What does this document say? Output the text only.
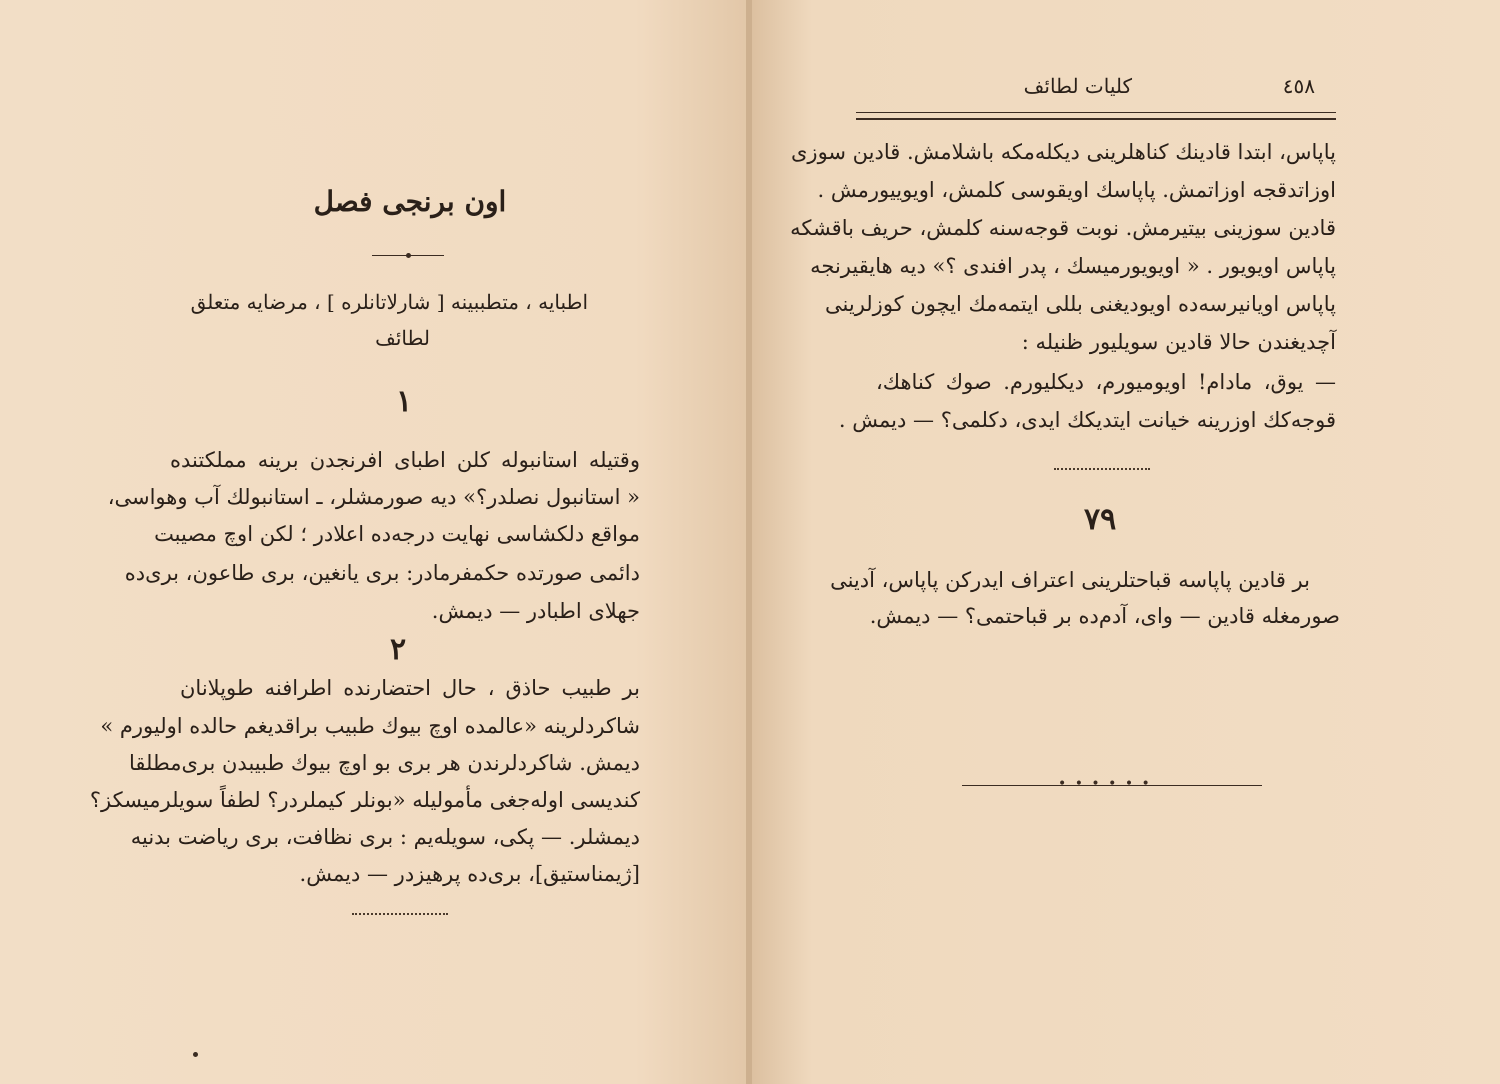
اون برنجی فصل
اطبایه ، متطببینه [ شارلاتانلره ] ، مرضایه متعلق
لطائف
١
وقتیله استانبوله کلن اطبای افرنجدن برینه مملکتنده
« استانبول نصلدر؟» دیه صورمشلر، ـ استانبولك آب وهواسی،
مواقع دلکشاسی نهایت درجه‌ده اعلادر ؛ لکن اوچ مصیبت
دائمی صورتده حکمفرمادر: بری یانغین، بری طاعون، بری‌ده
جهلای اطبادر — دیمش.
٢
بر طبیب حاذق ، حال احتضارنده اطرافنه طوپلانان
شاکردلرینه «عالمده اوچ بیوك طبیب براقدیغم حالده اولیورم »
دیمش. شاکردلرندن هر بری بو اوچ بیوك طبیبدن بری‌مطلقا
کندیسی اوله‌جغی مأمولیله «بونلر کیملردر؟ لطفاً سویلرمیسکز؟
دیمشلر. — پکی، سویله‌یم : بری نظافت، بری ریاضت بدنیه
[ژیمناستیق]، بری‌ده پرهیزدر — دیمش.
٤٥٨
کلیات لطائف
پاپاس، ابتدا قادینك کناهلرینی دیکله‌مکه باشلامش. قادین سوزی
اوزاتدقجه اوزاتمش. پاپاسك اویقوسی کلمش، اویوییورمش .
قادین سوزینی بیتیرمش. نوبت قوجه‌سنه کلمش، حریف باقشکه
پاپاس اویویور . « اویویورمیسك ، پدر افندی ؟» دیه هایقیرنجه
پاپاس اویانیرسه‌ده اویودیغنی بللی ایتمه‌مك ایچون کوزلرینی
آچدیغندن حالا قادین سویلیور ظنیله :
— یوق، مادام! اویومیورم، دیکلیورم. صوك کناهك،
قوجه‌كك اوزرینه خیانت ایتدیکك ایدی، دکلمی؟ — دیمش .
٧٩
بر قادین پاپاسه قباحتلرینی اعتراف ایدرکن پاپاس، آدینی
صورمغله قادین — وای، آدم‌ده بر قباحتمی؟ — دیمش.
• • • • • •
